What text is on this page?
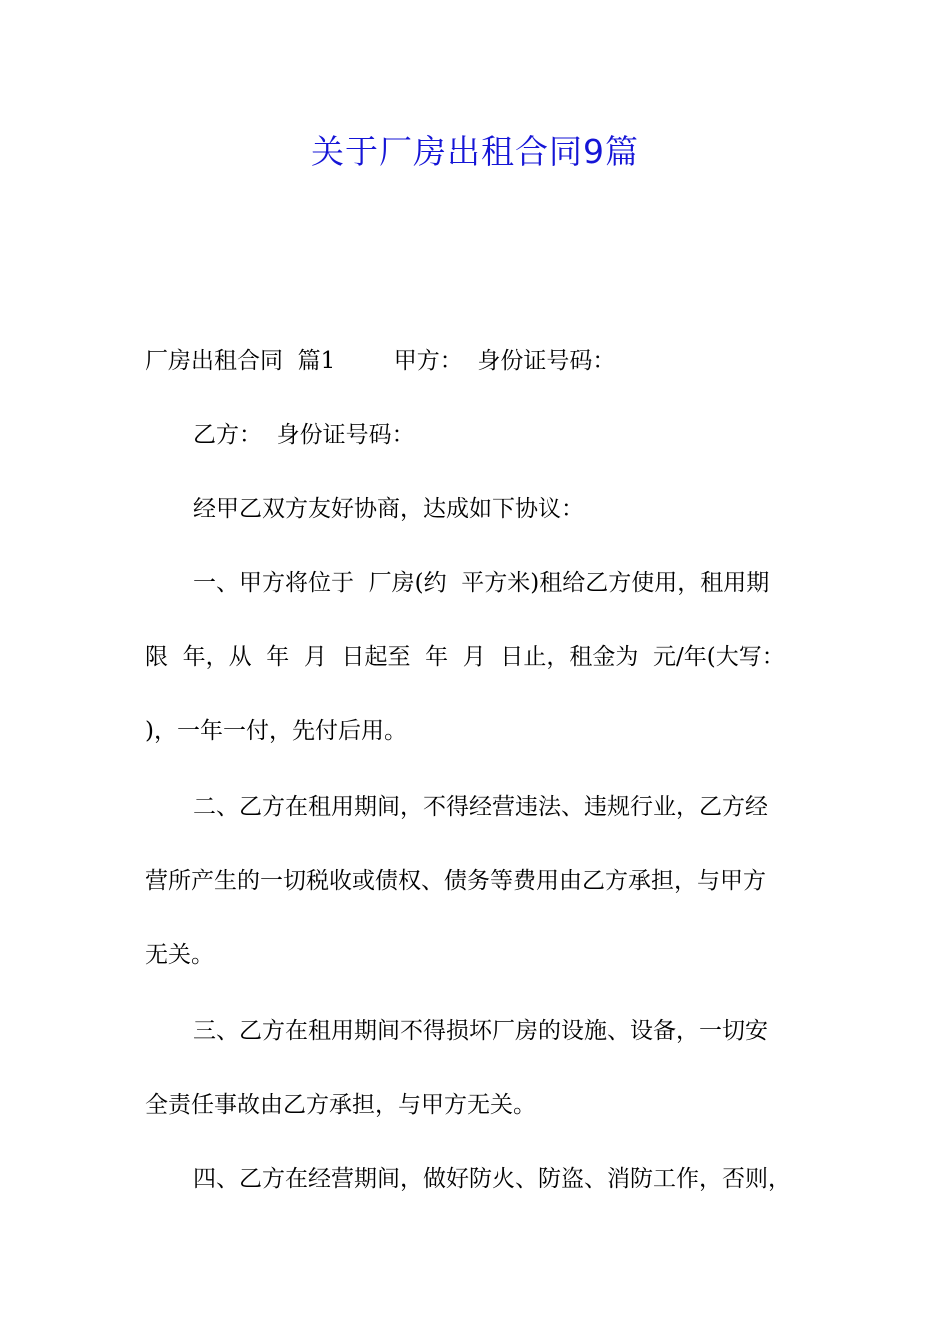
关于厂房出租合同9篇
厂房出租合同  篇1        甲方：  身份证号码：
乙方：  身份证号码：
经甲乙双方友好协商，达成如下协议：
一、甲方将位于  厂房(约  平方米)租给乙方使用，租用期
限  年，从  年  月  日起至  年  月  日止，租金为  元/年(大写：
)，一年一付，先付后用。
二、乙方在租用期间，不得经营违法、违规行业，乙方经
营所产生的一切税收或债权、债务等费用由乙方承担，与甲方
无关。
三、乙方在租用期间不得损坏厂房的设施、设备，一切安
全责任事故由乙方承担，与甲方无关。
四、乙方在经营期间，做好防火、防盗、消防工作，否则，
